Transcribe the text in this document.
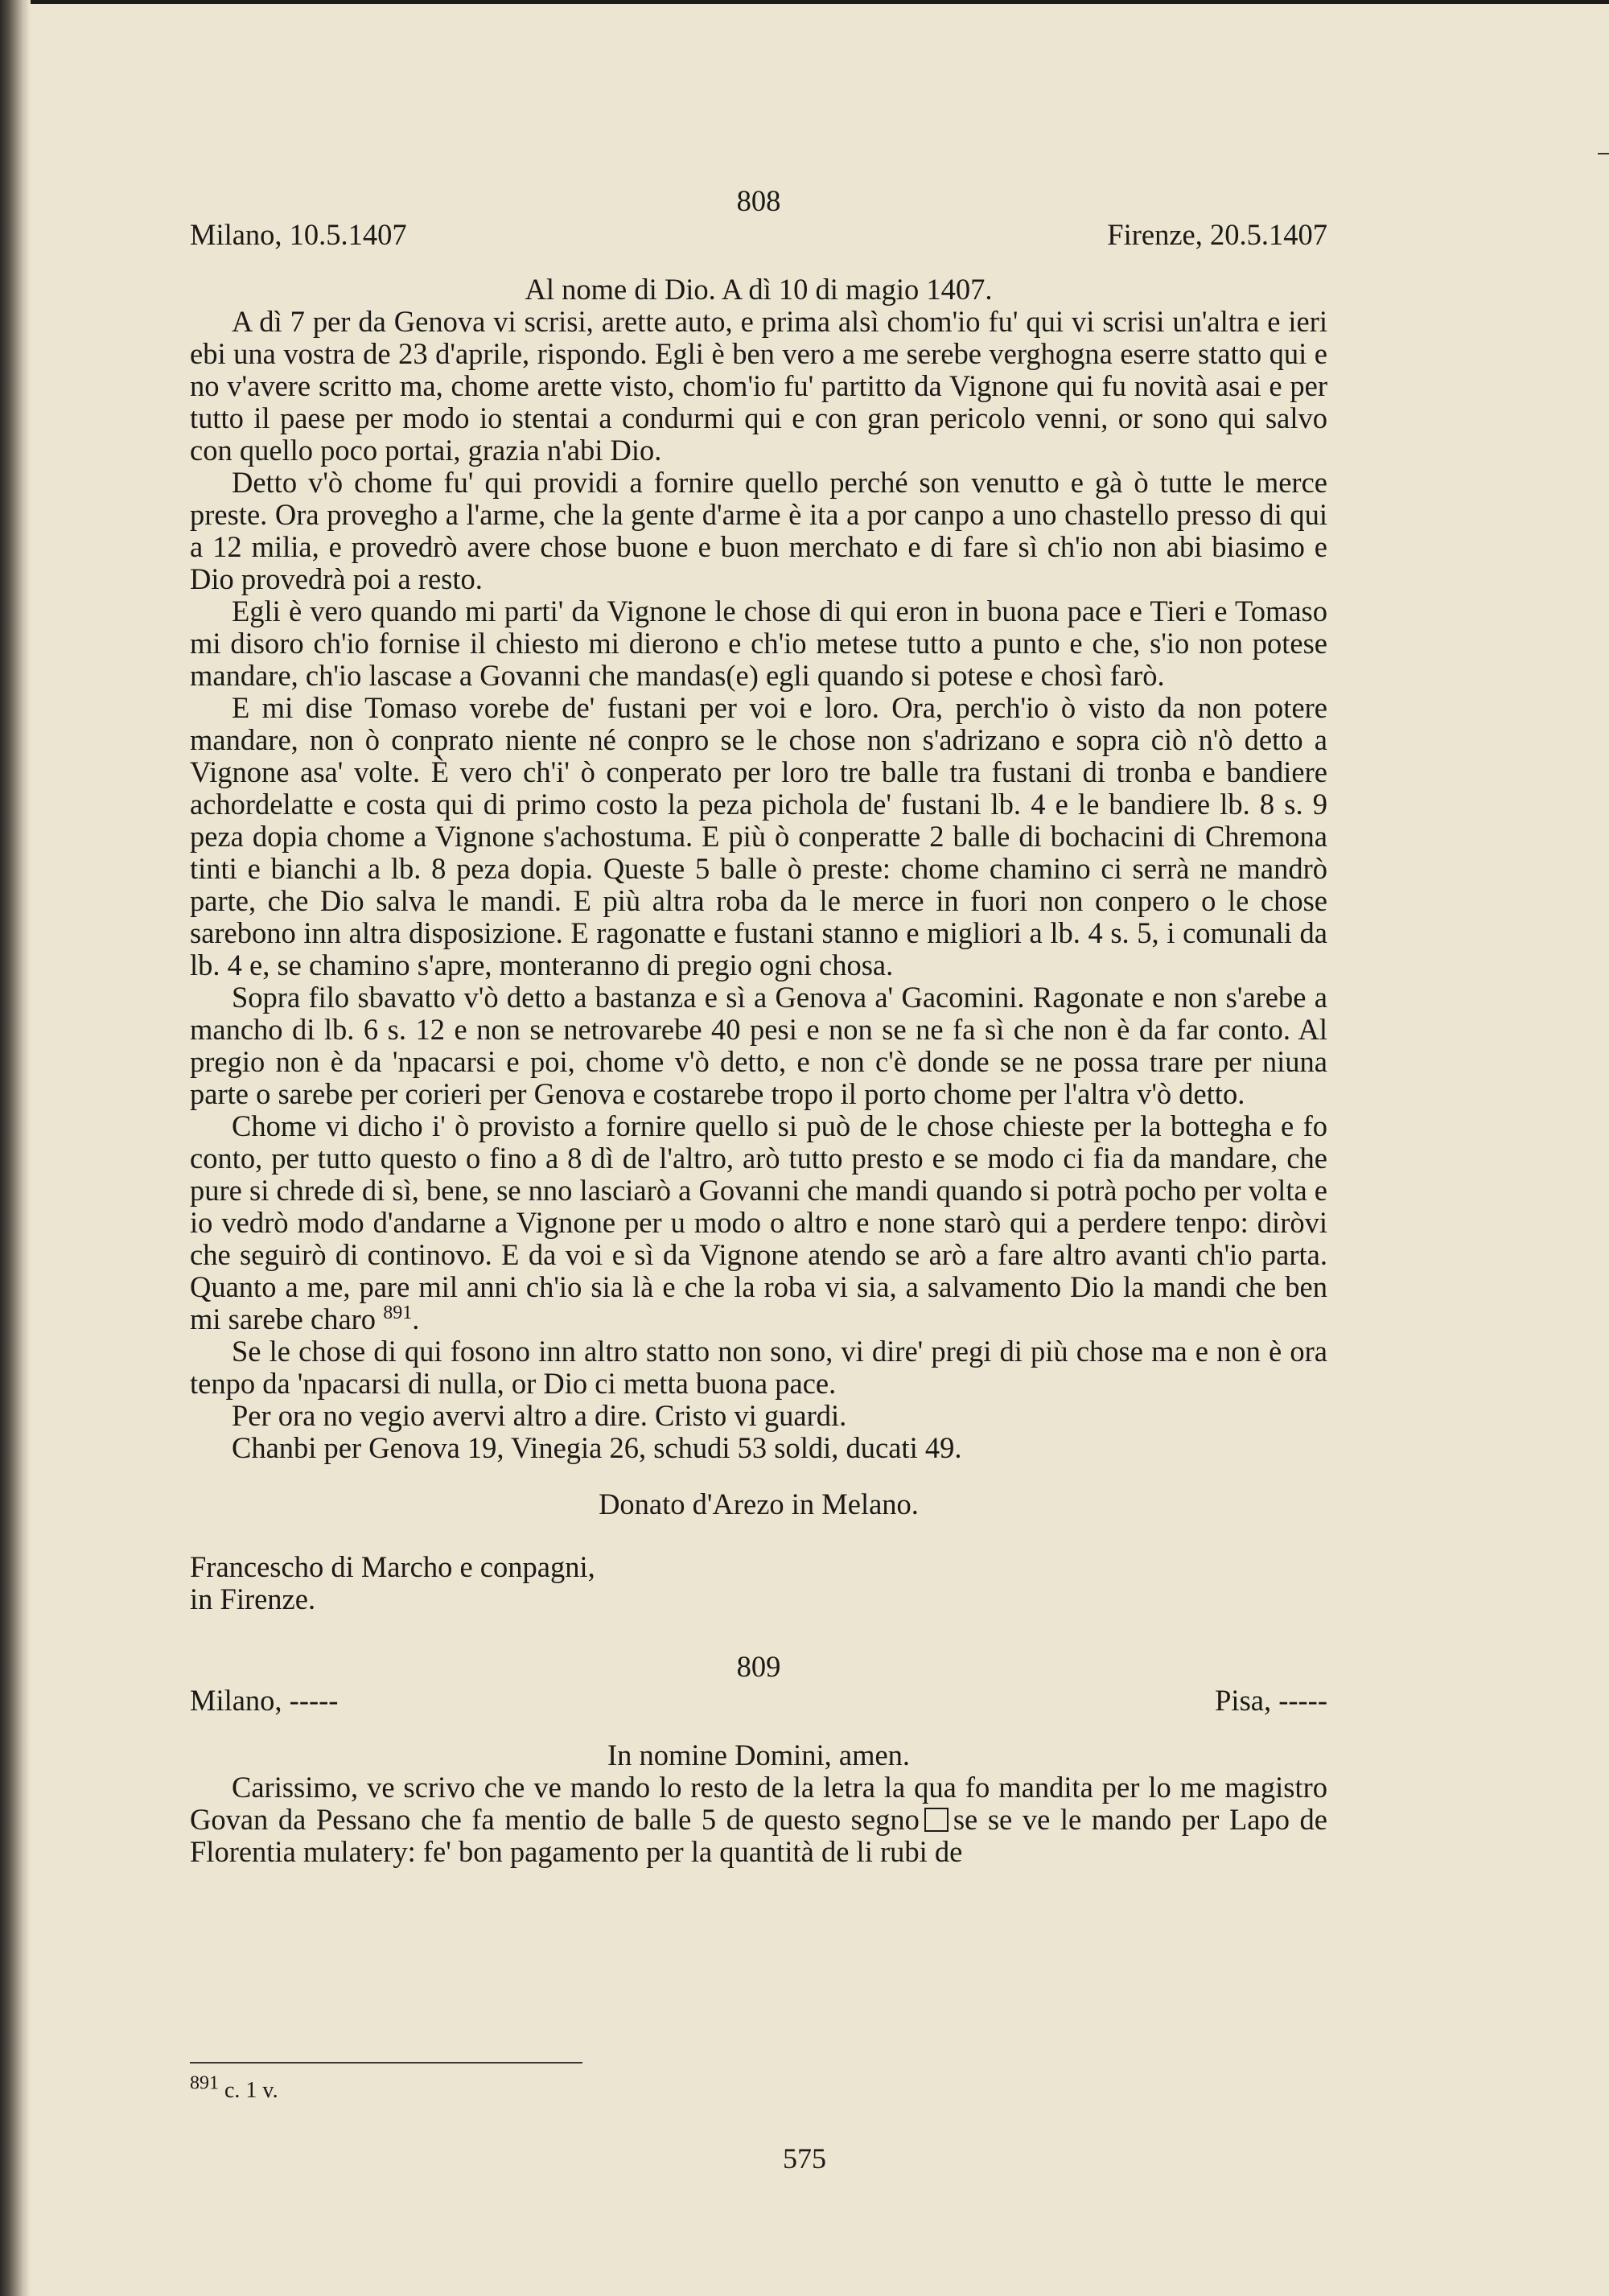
808
Milano, 10.5.1407	Firenze, 20.5.1407
Al nome di Dio. A dì 10 di magio 1407.

A dì 7 per da Genova vi scrisi, arette auto, e prima alsì chom'io fu' qui vi scrisi un'altra e ieri ebi una vostra de 23 d'aprile, rispondo. Egli è ben vero a me serebe verghogna eserre statto qui e no v'avere scritto ma, chome arette visto, chom'io fu' partitto da Vignone qui fu novità asai e per tutto il paese per modo io stentai a condurmi qui e con gran pericolo venni, or sono qui salvo con quello poco portai, grazia n'abi Dio.

Detto v'ò chome fu' qui providi a fornire quello perché son venutto e gà ò tutte le merce preste. Ora provegho a l'arme, che la gente d'arme è ita a por canpo a uno chastello presso di qui a 12 milia, e provedrò avere chose buone e buon merchato e di fare sì ch'io non abi biasimo e Dio provedrà poi a resto.

Egli è vero quando mi parti' da Vignone le chose di qui eron in buona pace e Tieri e Tomaso mi disoro ch'io fornise il chiesto mi dierono e ch'io metese tutto a punto e che, s'io non potese mandare, ch'io lascase a Govanni che mandas(e) egli quando si potese e chosì farò.

E mi dise Tomaso vorebe de' fustani per voi e loro. Ora, perch'io ò visto da non potere mandare, non ò conprato niente né conpro se le chose non s'adrizano e sopra ciò n'ò detto a Vignone asa' volte. È vero ch'i' ò conperato per loro tre balle tra fustani di tronba e bandiere achordelatte e costa qui di primo costo la peza pichola de' fustani lb. 4 e le bandiere lb. 8 s. 9 peza dopia chome a Vignone s'achostuma. E più ò conperatte 2 balle di bochacini di Chremona tinti e bianchi a lb. 8 peza dopia. Queste 5 balle ò preste: chome chamino ci serrà ne mandrò parte, che Dio salva le mandi. E più altra roba da le merce in fuori non conpero o le chose sarebono inn altra disposizione. E ragonatte e fustani stanno e migliori a lb. 4 s. 5, i comunali da lb. 4 e, se chamino s'apre, monteranno di pregio ogni chosa.

Sopra filo sbavatto v'ò detto a bastanza e sì a Genova a' Gacomini. Ragonate e non s'arebe a mancho di lb. 6 s. 12 e non se netrovarebe 40 pesi e non se ne fa sì che non è da far conto. Al pregio non è da 'npacarsi e poi, chome v'ò detto, e non c'è donde se ne possa trare per niuna parte o sarebe per corieri per Genova e costarebe tropo il porto chome per l'altra v'ò detto.

Chome vi dicho i' ò provisto a fornire quello si può de le chose chieste per la bottegha e fo conto, per tutto questo o fino a 8 dì de l'altro, arò tutto presto e se modo ci fia da mandare, che pure si chrede di sì, bene, se nno lasciarò a Govanni che mandi quando si potrà pocho per volta e io vedrò modo d'andarne a Vignone per u modo o altro e none starò qui a perdere tenpo: diròvi che seguirò di continovo. E da voi e sì da Vignone atendo se arò a fare altro avanti ch'io parta. Quanto a me, pare mil anni ch'io sia là e che la roba vi sia, a salvamento Dio la mandi che ben mi sarebe charo $^{891}$.

Se le chose di qui fosono inn altro statto non sono, vi dire' pregi di più chose ma e non è ora tenpo da 'npacarsi di nulla, or Dio ci metta buona pace.

Per ora no vegio avervi altro a dire. Cristo vi guardi.

Chanbi per Genova 19, Vinegia 26, schudi 53 soldi, ducati 49.

Donato d'Arezo in Melano.
Francescho di Marcho e conpagni,
in Firenze.
809
Milano, -----	Pisa, -----
In nomine Domini, amen.

Carissimo, ve scrivo che ve mando lo resto de la letra la qua fo mandita per lo me magistro Govan da Pessano che fa mentio de balle 5 de questo segno se se ve le mando per Lapo de Florentia mulatery: fe' bon pagamento per la quantità de li rubi de

$^{891}$ c. 1 v.
575
